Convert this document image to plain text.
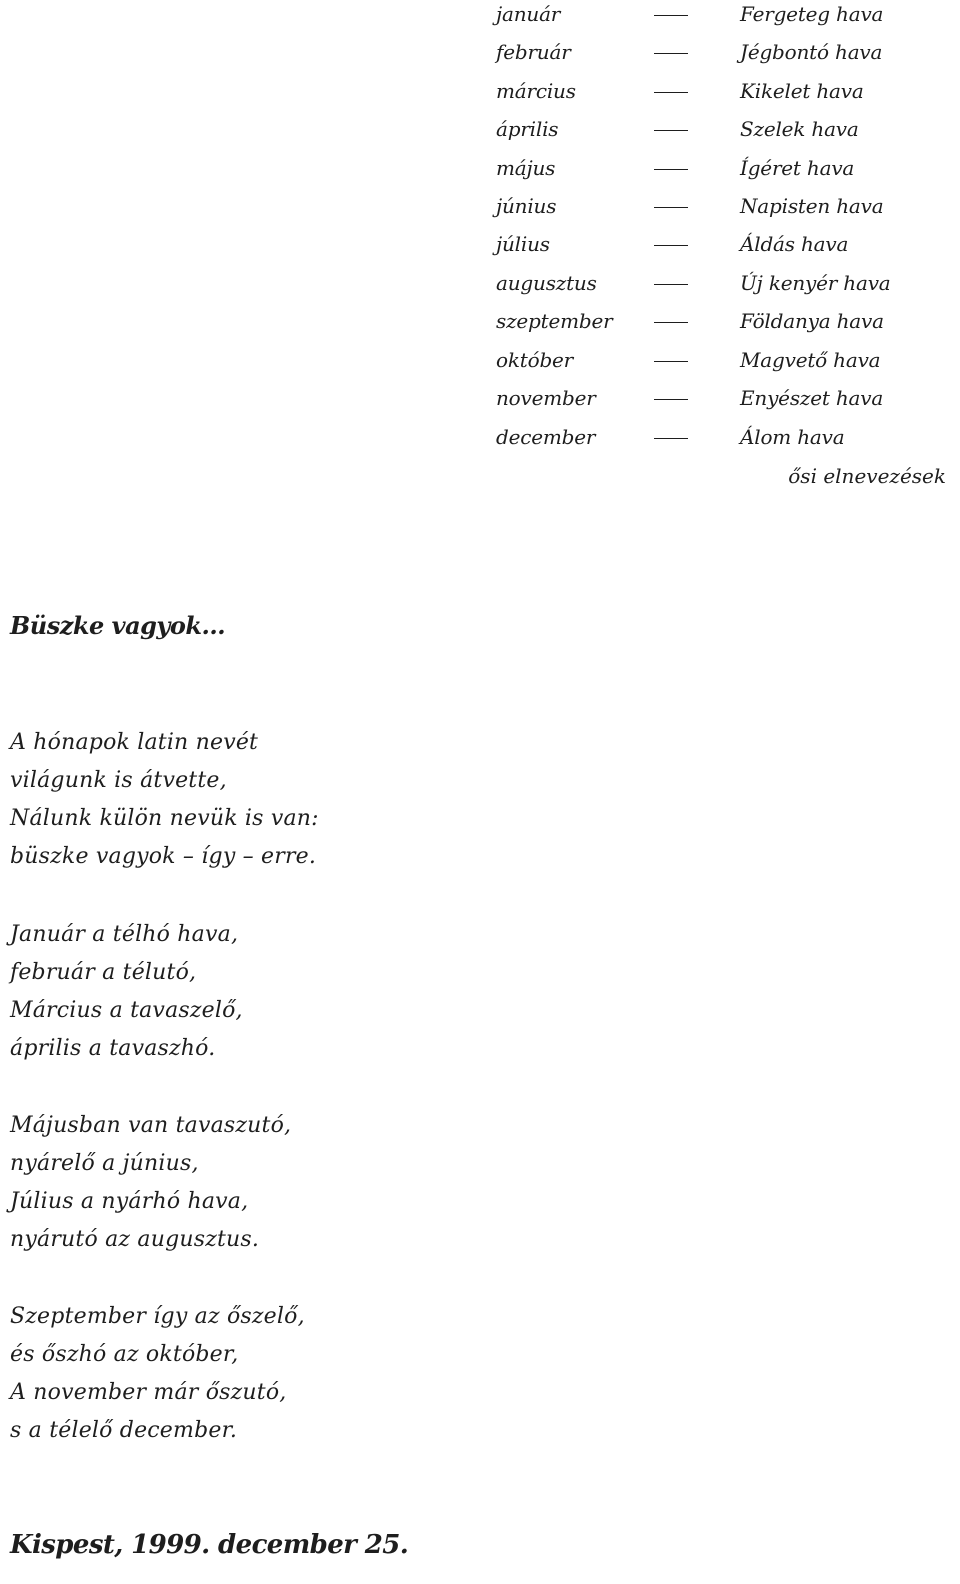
január	Fergeteg hava
február	Jégbontó hava
március	Kikelet hava
április	Szelek hava
május	Ígéret hava
június	Napisten hava
július	Áldás hava
augusztus	Új kenyér hava
szeptember	Földanya hava
október	Magvető hava
november	Enyészet hava
december	Álom hava
ősi elnevezések
Büszke vagyok...
A hónapok latin nevét
világunk is átvette,
Nálunk külön nevük is van:
büszke vagyok – így – erre.
Január a télhó hava,
február a télutó,
Március a tavaszelő,
április a tavaszhó.
Májusban van tavaszutó,
nyárelő a június,
Július a nyárhó hava,
nyárutó az augusztus.
Szeptember így az őszelő,
és őszhó az október,
A november már őszutó,
s a télelő december.
Kispest, 1999. december 25.
